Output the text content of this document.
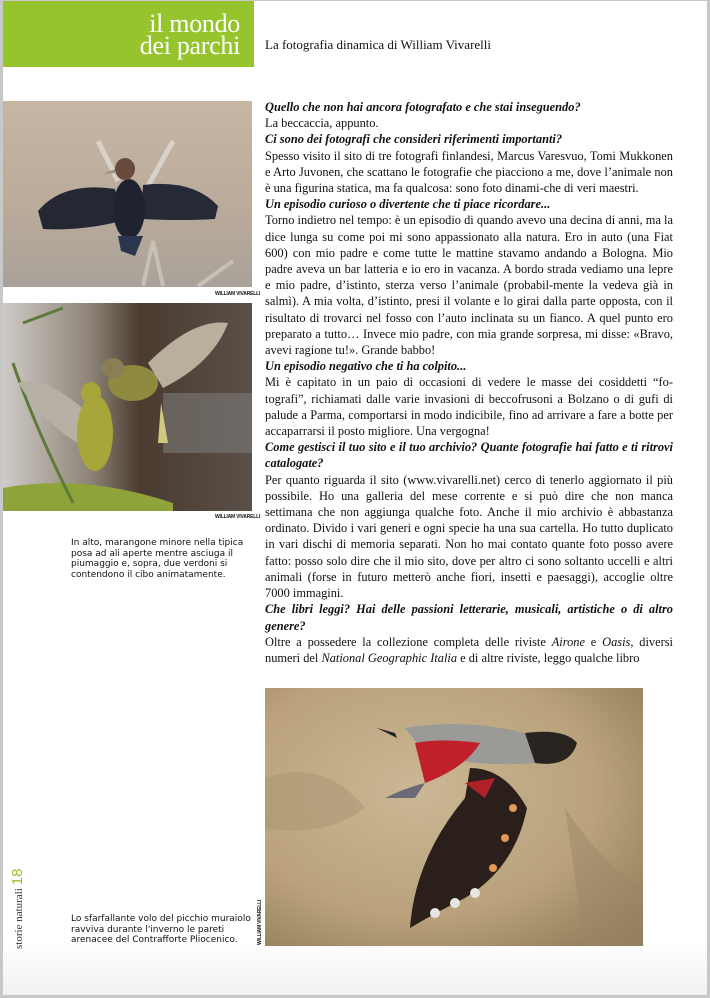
il mondo
dei parchi La fotografia dinamica di William Vivarelli
WILLIAM VIVARELLI
WILLIAM VIVARELLI
In alto, marangone minore nella tipica posa ad ali aperte mentre asciuga il piumaggio e, sopra, due verdoni si contendono il cibo animatamente.

Quello che non hai ancora fotografato e che stai inseguendo?

La beccaccia, appunto.

Ci sono dei fotografi che consideri riferimenti importanti?

Spesso visito il sito di tre fotografi finlandesi, Marcus Varesvuo, Tomi Mukkonen e Arto Juvonen, che scattano le fotografie che piacciono a me, dove l’animale non è una figurina statica, ma fa qualcosa: sono foto dinami-che di veri maestri.

Un episodio curioso o divertente che ti piace ricordare...

Torno indietro nel tempo: è un episodio di quando avevo una decina di anni, ma la dice lunga su come poi mi sono appassionato alla natura. Ero in auto (una Fiat 600) con mio padre e come tutte le mattine stavamo andando a Bologna. Mio padre aveva un bar latteria e io ero in vacanza. A bordo strada vediamo una lepre e mio padre, d’istinto, sterza verso l’animale (probabil-mente la vedeva già in salmì). A mia volta, d’istinto, presi il volante e lo girai dalla parte opposta, con il risultato di trovarci nel fosso con l’auto inclinata su un fianco. A quel punto ero preparato a tutto… Invece mio padre, con mia grande sorpresa, mi disse: «Bravo, avevi ragione tu!». Grande babbo!

Un episodio negativo che ti ha colpito...

Mi è capitato in un paio di occasioni di vedere le masse dei cosiddetti “fo-tografi”, richiamati dalle varie invasioni di beccofrusoni a Bolzano o di gufi di palude a Parma, comportarsi in modo indicibile, fino ad arrivare a fare a botte per accaparrarsi il posto migliore. Una vergogna!

Come gestisci il tuo sito e il tuo archivio? Quante fotografie hai fatto e ti ritrovi catalogate?

Per quanto riguarda il sito (www.vivarelli.net) cerco di tenerlo aggiornato il più possibile. Ho una galleria del mese corrente e si può dire che non manca settimana che non aggiunga qualche foto. Anche il mio archivio è abbastanza ordinato. Divido i vari generi e ogni specie ha una sua cartella. Ho tutto duplicato in vari dischi di memoria separati. Non ho mai contato quante foto posso avere fatto: posso solo dire che il mio sito, dove per altro ci sono soltanto uccelli e altri animali (forse in futuro metterò anche fiori, insetti e paesaggi), accoglie oltre 7000 immagini.

Che libri leggi? Hai delle passioni letterarie, musicali, artistiche o di altro genere?

Oltre a possedere la collezione completa delle riviste Airone e Oasis, diversi numeri del National Geographic Italia e di altre riviste, leggo qualche libro

WILLIAM VIVARELLI
Lo sfarfallante volo del picchio muraiolo ravviva durante l'inverno le pareti arenacee del Contrafforte Pliocenico.
storie naturali18
